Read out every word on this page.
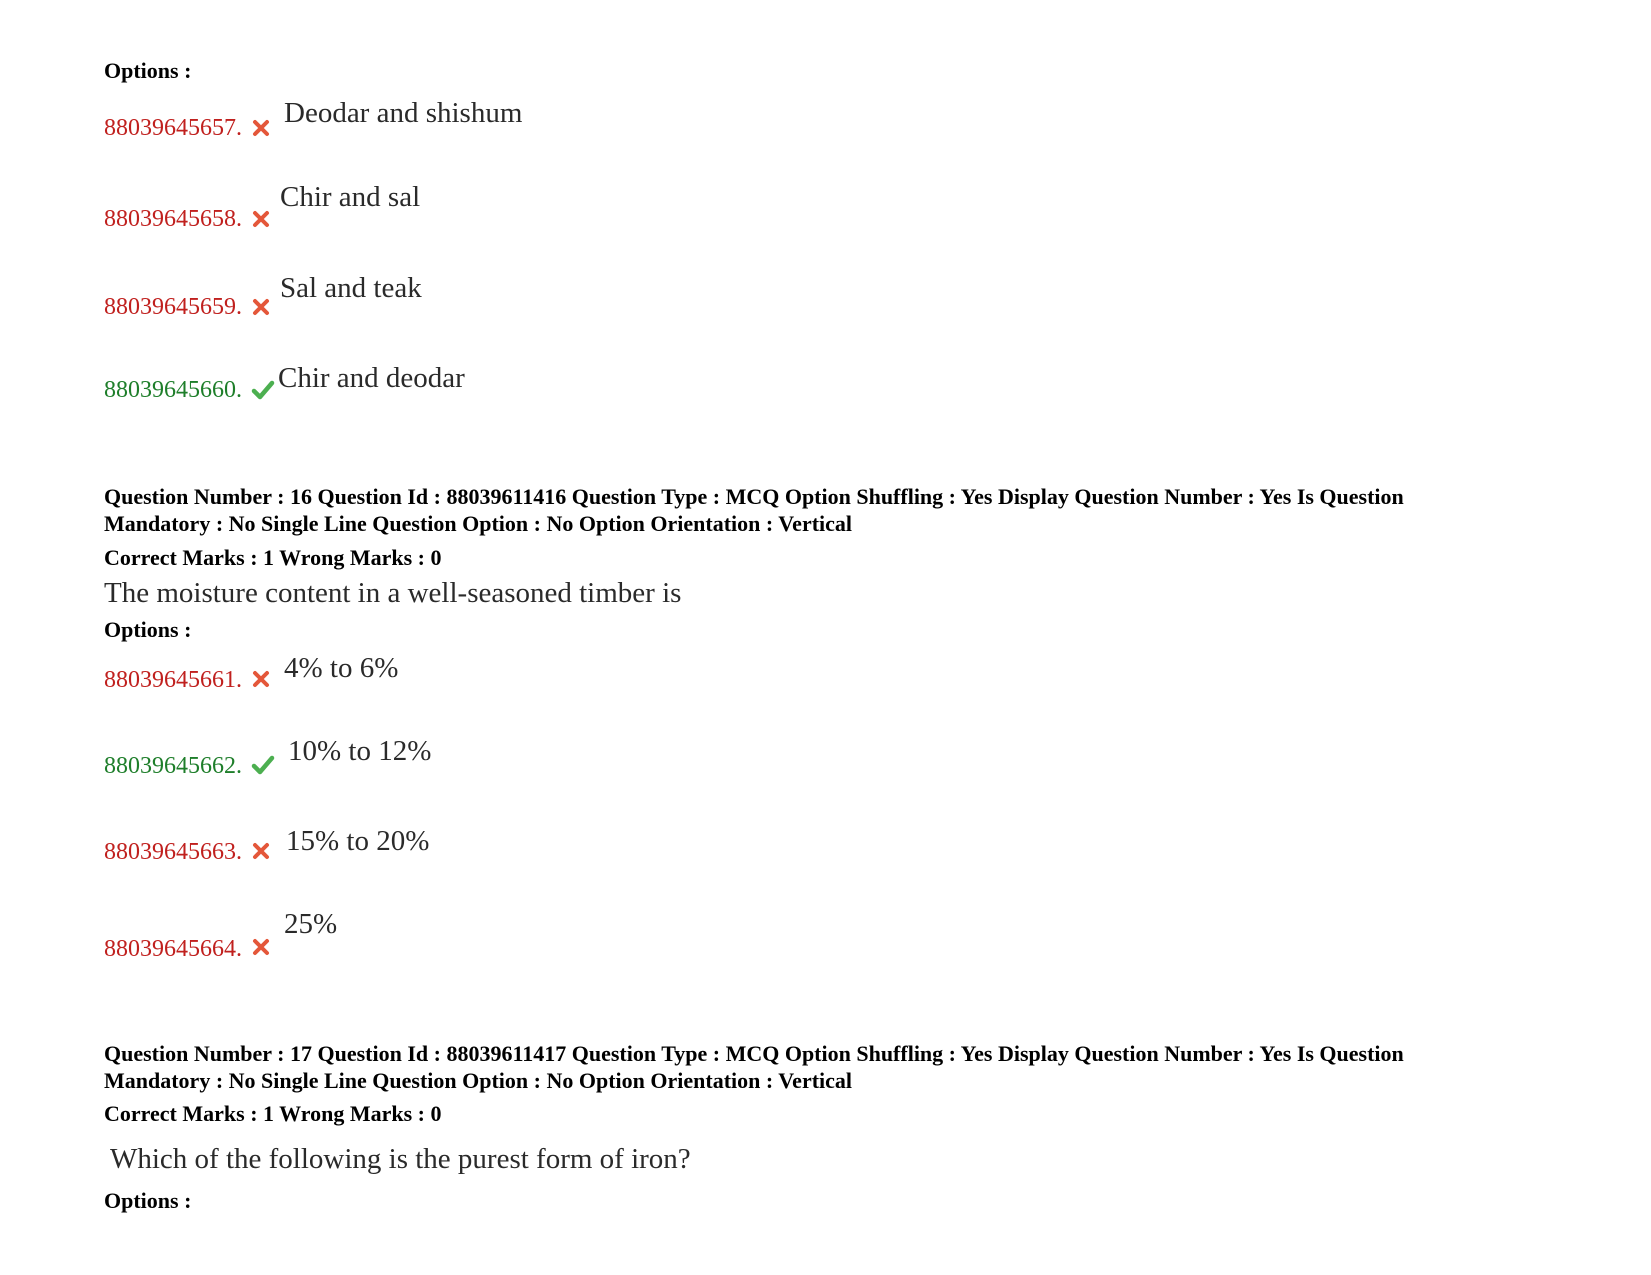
Options :
88039645657. Deodar and shishum
88039645658.
Chir and sal
88039645659.
Sal and teak
88039645660. Chir and deodar
Question Number : 16 Question Id : 88039611416 Question Type : MCQ Option Shuffling : Yes Display Question Number : Yes Is Question
Mandatory : No Single Line Question Option : No Option Orientation : Vertical
Correct Marks : 1 Wrong Marks : 0
The moisture content in a well-seasoned timber is
Options :
88039645661. 4% to 6%
88039645662. 10% to 12%
88039645663. 15% to 20%
88039645664.
25%
Question Number : 17 Question Id : 88039611417 Question Type : MCQ Option Shuffling : Yes Display Question Number : Yes Is Question
Mandatory : No Single Line Question Option : No Option Orientation : Vertical
Correct Marks : 1 Wrong Marks : 0
Which of the following is the purest form of iron?
Options :
